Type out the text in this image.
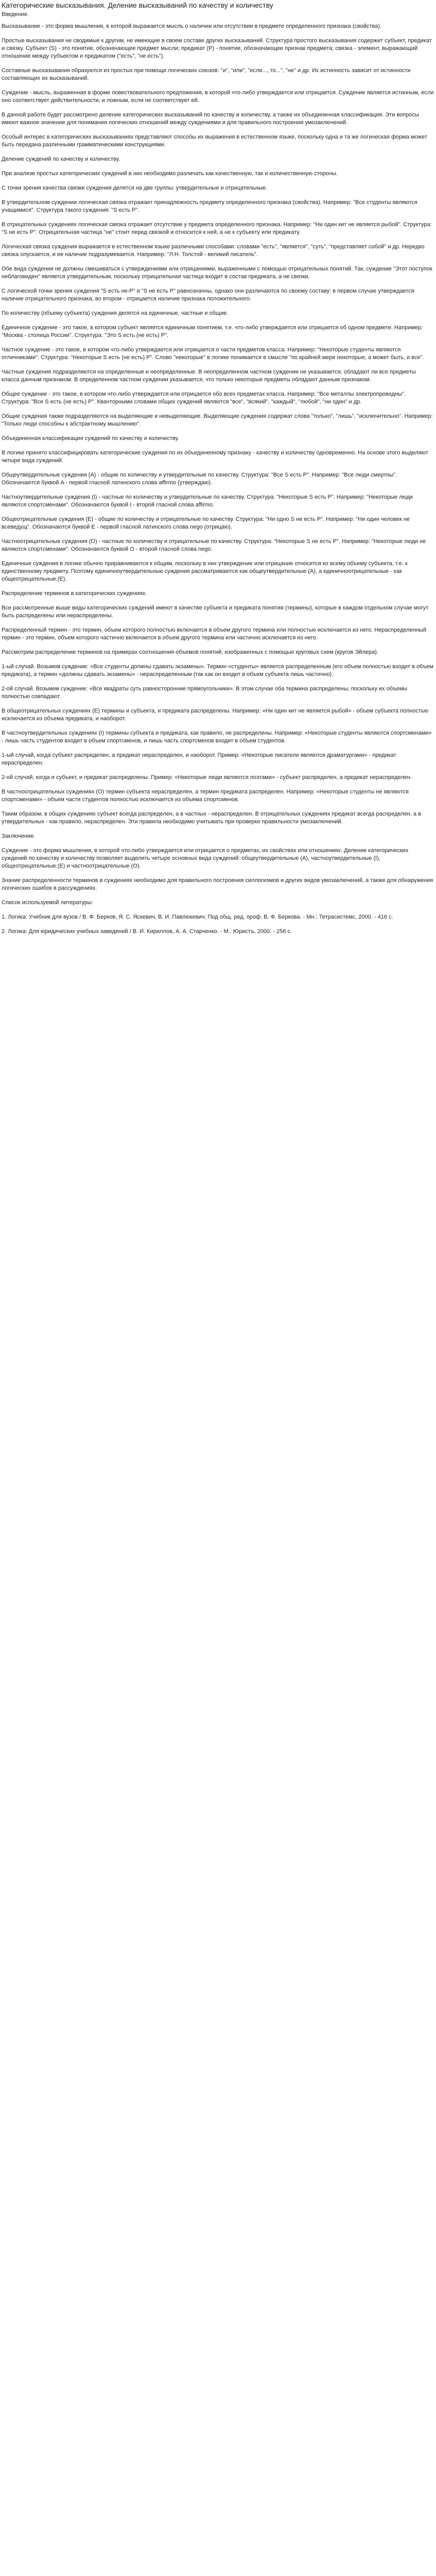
Категорические высказывания. Деление высказываний по качеству и количеству
Введение.

Высказывание - это форма мышления, в которой выражается мысль о наличии или отсутствии в предмете определенного признака (свойства).

Простые высказывания не сводимые к другим, не имеющие в своем составе других высказываний. Структура простого высказывания содержит субъект, предикат и связку. Субъект (S) - это понятие, обозначающее предмет мысли; предикат (P) - понятие, обозначающее признак предмета; связка - элемент, выражающий отношение между субъектом и предикатом ("есть", "не есть").

Составные высказывания образуются из простых при помощи логических союзов: "и", "или", "если..., то...", "не" и др. Их истинность зависит от истинности составляющих их высказываний.

Суждение - мысль, выраженная в форме повествовательного предложения, в которой что-либо утверждается или отрицается. Суждение является истинным, если оно соответствует действительности, и ложным, если не соответствует ей.

В данной работе будет рассмотрено деление категорических высказываний по качеству и количеству, а также их объединенная классификация. Эти вопросы имеют важное значение для понимания логических отношений между суждениями и для правильного построения умозаключений.

Особый интерес в категорических высказываниях представляют способы их выражения в естественном языке, поскольку одна и та же логическая форма может быть передана различными грамматическими конструкциями.

Деление суждений по качеству и количеству.

При анализе простых категорических суждений в них необходимо различать как качественную, так и количественную стороны.

С точки зрения качества связки суждения делятся на две группы: утвердительные и отрицательные.

В утвердительном суждении логическая связка отражает принадлежность предмету определенного признака (свойства). Например: "Все студенты являются учащимися". Структура такого суждения: "S есть P".

В отрицательных суждениях логическая связка отражает отсутствие у предмета определенного признака. Например: "Ни один кит не является рыбой". Структура: "S не есть P". Отрицательная частица "не" стоит перед связкой и относится к ней, а не к субъекту или предикату.

Логическая связка суждения выражается в естественном языке различными способами: словами "есть", "является", "суть", "представляет собой" и др. Нередко связка опускается, и ее наличие подразумевается. Например: "Л.Н. Толстой - великий писатель".

Обе вида суждения не должны смешиваться с утверждениями или отрицаниями, выраженными с помощью отрицательных понятий. Так, суждение "Этот поступок неблаговиден" является утвердительным, поскольку отрицательная частица входит в состав предиката, а не связки.

С логической точки зрения суждения "S есть не-P" и "S не есть P" равнозначны, однако они различаются по своему составу: в первом случае утверждается наличие отрицательного признака, во втором - отрицается наличие признака положительного.

По количеству (объему субъекта) суждения делятся на единичные, частные и общие.

Единичное суждение - это такое, в котором субъект является единичным понятием, т.е. что-либо утверждается или отрицается об одном предмете. Например: "Москва - столица России". Структура: "Это S есть (не есть) P".

Частное суждение - это такое, в котором что-либо утверждается или отрицается о части предметов класса. Например: "Некоторые студенты являются отличниками". Структура: "Некоторые S есть (не есть) P". Слово "некоторые" в логике понимается в смысле "по крайней мере некоторые, а может быть, и все".

Частные суждения подразделяются на определенные и неопределенные. В неопределенном частном суждении не указывается, обладают ли все предметы класса данным признаком. В определенном частном суждении указывается, что только некоторые предметы обладают данным признаком.

Общее суждение - это такое, в котором что-либо утверждается или отрицается обо всех предметах класса. Например: "Все металлы электропроводны". Структура: "Все S есть (не есть) P". Кванторными словами общих суждений являются "все", "всякий", "каждый", "любой", "ни один" и др.

Общие суждения также подразделяются на выделяющие и невыделяющие. Выделяющие суждения содержат слова "только", "лишь", "исключительно". Например: "Только люди способны к абстрактному мышлению".

Объединенная классификация суждений по качеству и количеству.

В логике принято классифицировать категорические суждения по их объединенному признаку - качеству и количеству одновременно. На основе этого выделяют четыре вида суждений.

Общеутвердительные суждения (A) - общие по количеству и утвердительные по качеству. Структура: "Все S есть P". Например: "Все люди смертны". Обозначаются буквой A - первой гласной латинского слова affirmo (утверждаю).

Частноутвердительные суждения (I) - частные по количеству и утвердительные по качеству. Структура: "Некоторые S есть P". Например: "Некоторые люди являются спортсменами". Обозначаются буквой I - второй гласной слова affirmo.

Общеотрицательные суждения (E) - общие по количеству и отрицательные по качеству. Структура: "Ни одно S не есть P". Например: "Ни один человек не всеведущ". Обозначаются буквой E - первой гласной латинского слова nego (отрицаю).

Частноотрицательные суждения (O) - частные по количеству и отрицательные по качеству. Структура: "Некоторые S не есть P". Например: "Некоторые люди не являются спортсменами". Обозначаются буквой O - второй гласной слова nego.

Единичные суждения в логике обычно приравниваются к общим, поскольку в них утверждение или отрицание относится ко всему объему субъекта, т.е. к единственному предмету. Поэтому единичноутвердительные суждения рассматриваются как общеутвердительные (A), а единичноотрицательные - как общеотрицательные (E).

Распределение терминов в категорических суждениях.

Все рассмотренные выше виды категорических суждений имеют в качестве субъекта и предиката понятия (термины), которые в каждом отдельном случае могут быть распределены или нераспределены.

Распределенный термин - это термин, объем которого полностью включается в объем другого термина или полностью исключается из него. Нераспределенный термин - это термин, объем которого частично включается в объем другого термина или частично исключается из него.

Рассмотрим распределение терминов на примерах соотношения объемов понятий, изображенных с помощью круговых схем (кругов Эйлера).

1-ый случай. Возьмем суждение: «Все студенты должны сдавать экзамены». Термин «студенты» является распределенным (его объем полностью входит в объем предиката), а термин «должны сдавать экзамены» - нераспределенным (так как он входит в объем субъекта лишь частично).

2-ой случай. Возьмем суждение: «Все квадраты суть равносторонние прямоугольники». В этом случае оба термина распределены, поскольку их объемы полностью совпадают.

В общеотрицательных суждениях (E) термины и субъекта, и предиката распределены. Например: «Ни один кит не является рыбой» - объем субъекта полностью исключается из объема предиката, и наоборот.

В частноутвердительных суждениях (I) термины субъекта и предиката, как правило, не распределены. Например: «Некоторые студенты являются спортсменами» - лишь часть студентов входит в объем спортсменов, и лишь часть спортсменов входит в объем студентов.

1-ый случай, когда субъект распределен, а предикат нераспределен, и наоборот. Пример: «Некоторые писатели являются драматургами» - предикат нераспределен.

2-ой случай, когда и субъект, и предикат распределены. Пример: «Некоторые люди являются поэтами» - субъект распределен, а предикат нераспределен.

В частноотрицательных суждениях (O) термин субъекта нераспределен, а термин предиката распределен. Например: «Некоторые студенты не являются спортсменами» - объем части студентов полностью исключается из объема спортсменов.

Таким образом, в общих суждениях субъект всегда распределен, а в частных - нераспределен. В отрицательных суждениях предикат всегда распределен, а в утвердительных - как правило, нераспределен. Эти правила необходимо учитывать при проверке правильности умозаключений.

Заключение.

Суждение - это форма мышления, в которой что-либо утверждается или отрицается о предметах, их свойствах или отношениях. Деление категорических суждений по качеству и количеству позволяет выделить четыре основных вида суждений: общеутвердительные (A), частноутвердительные (I), общеотрицательные (E) и частноотрицательные (O).

Знание распределенности терминов в суждениях необходимо для правильного построения силлогизмов и других видов умозаключений, а также для обнаружения логических ошибок в рассуждениях.

Список используемой литературы:

1. Логика: Учебник для вузов / В. Ф. Берков, Я. С. Яскевич, В. И. Павлюкевич; Под общ. ред. проф. В. Ф. Беркова. - Мн.: Тетрасистемс, 2000. - 416 с.

2. Логика: Для юридических учебных заведений / В. И. Кириллов, А. А. Старченко. - М.: Юристъ, 2000. - 256 с.
